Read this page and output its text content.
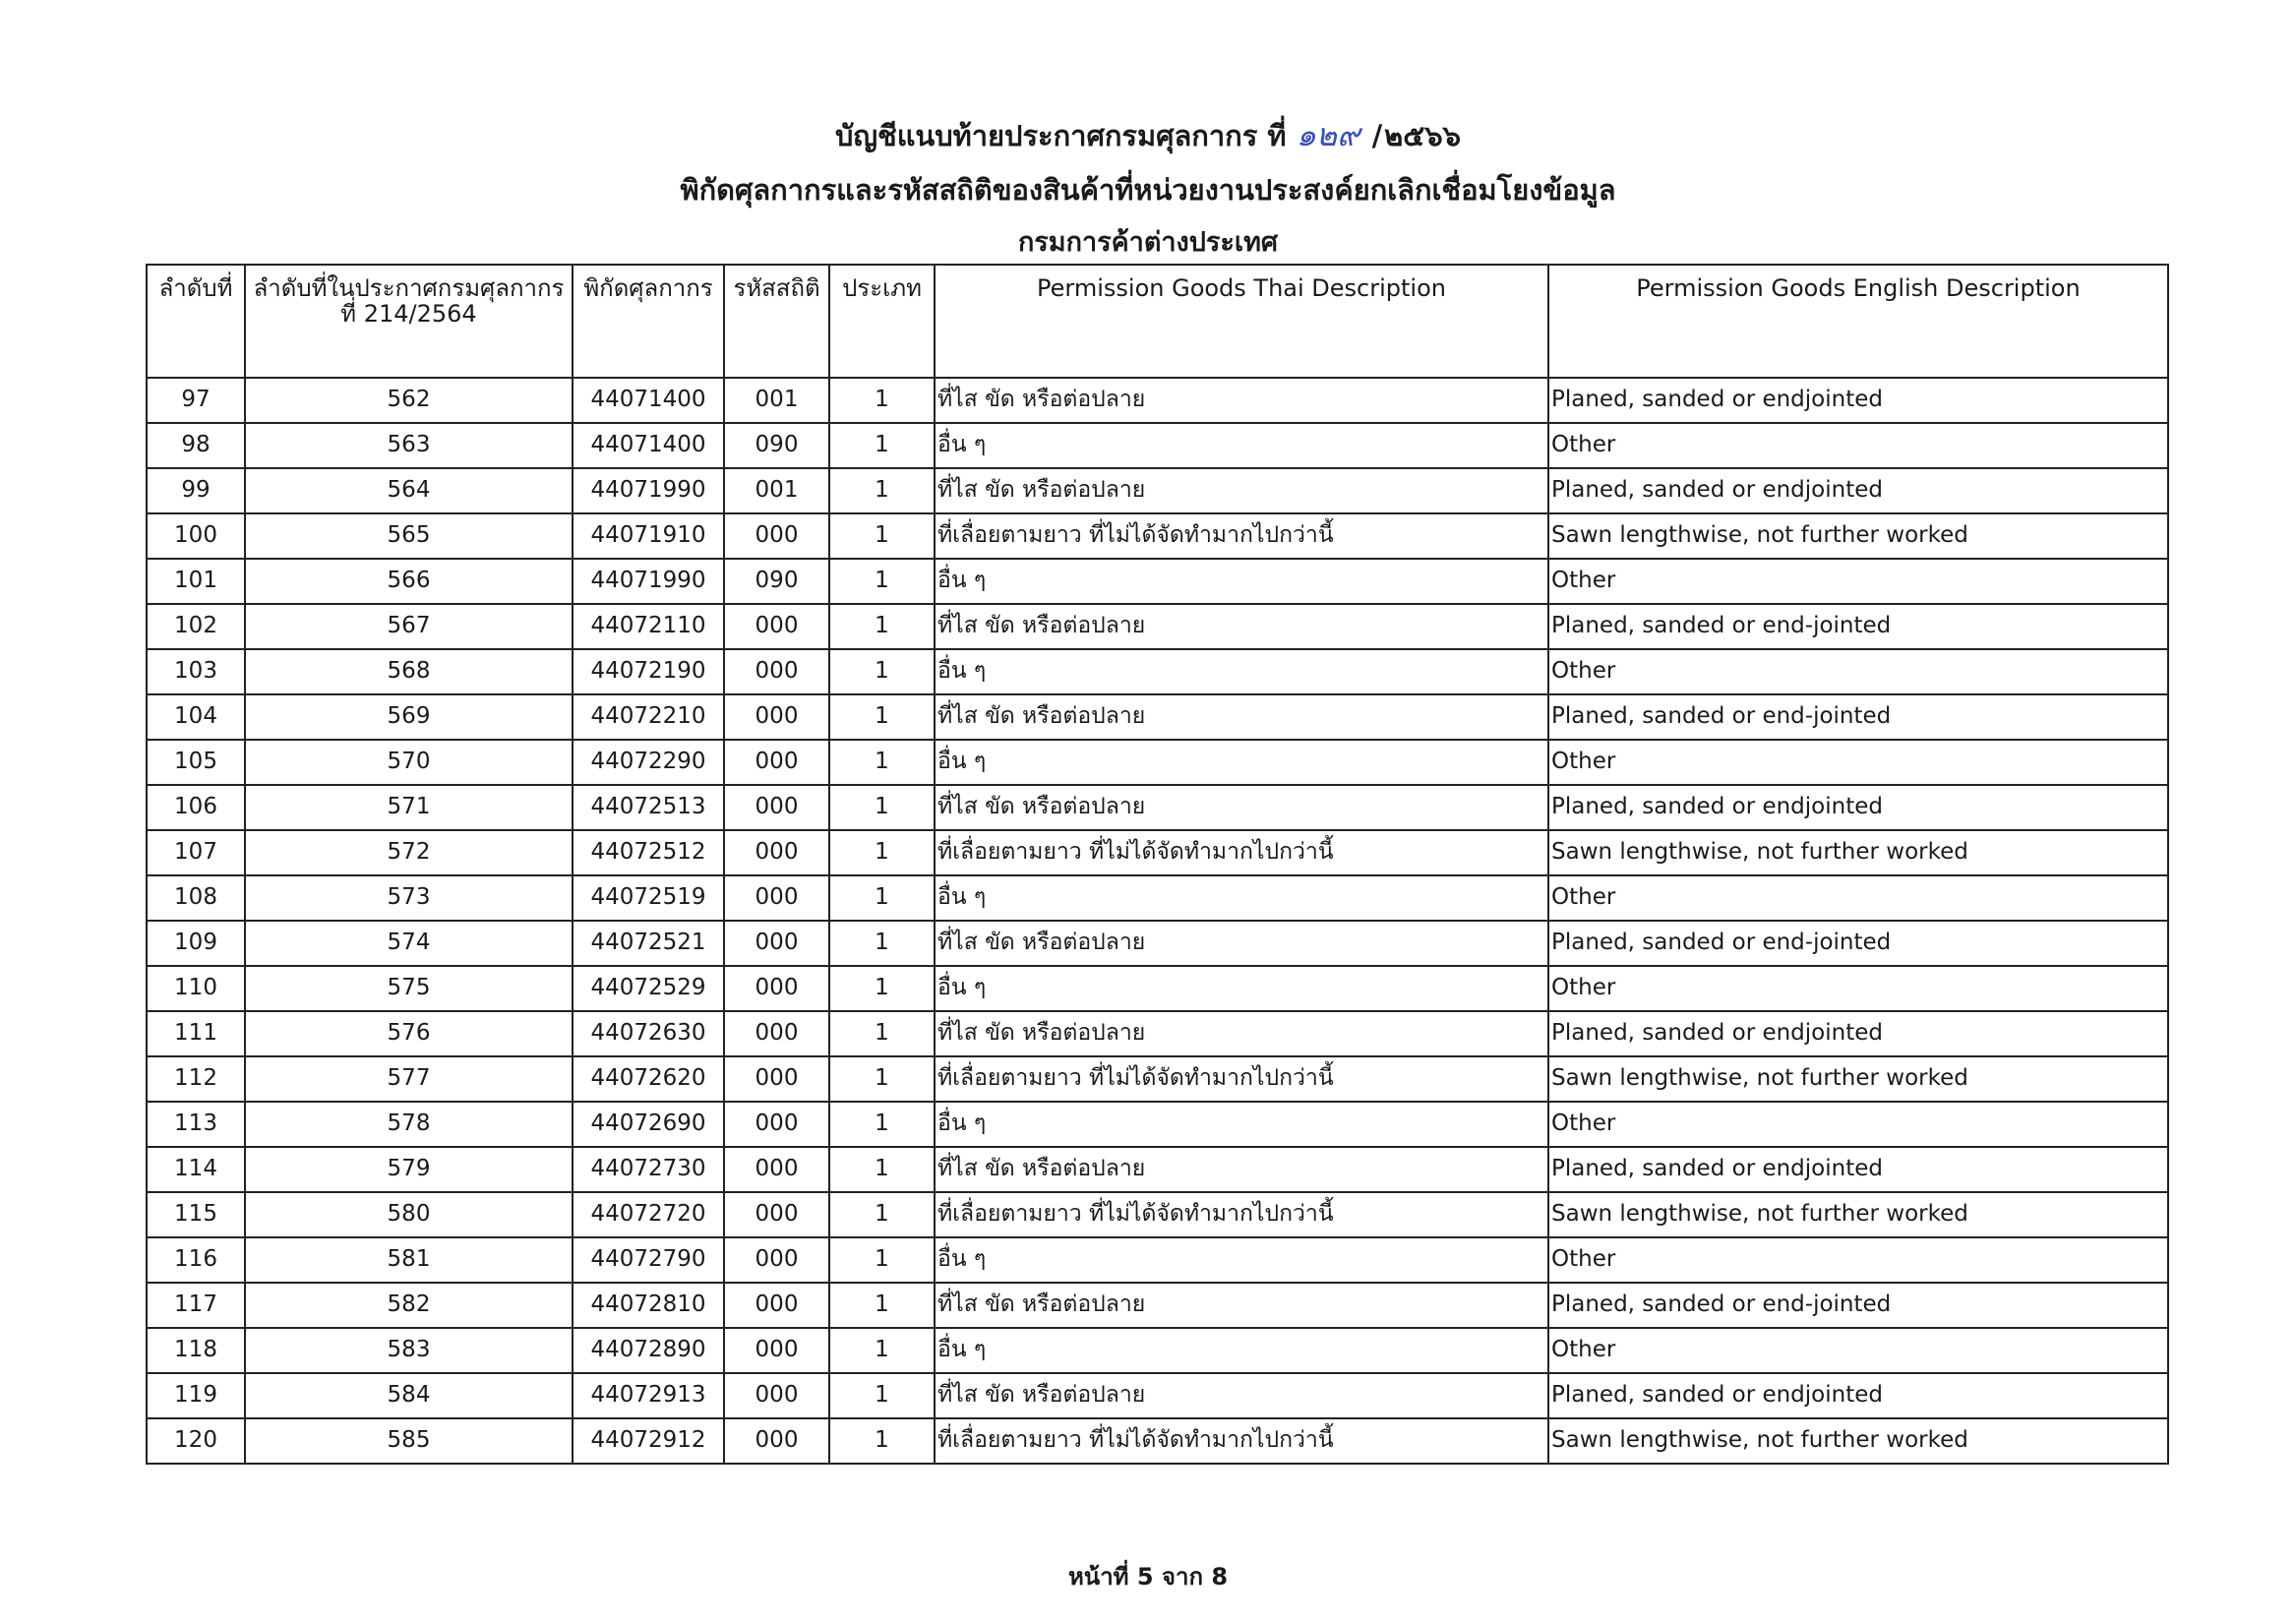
บัญชีแนบท้ายประกาศกรมศุลกากร ที่ ๑๒๙ /๒๕๖๖
พิกัดศุลกากรและรหัสสถิติของสินค้าที่หน่วยงานประสงค์ยกเลิกเชื่อมโยงข้อมูล
กรมการค้าต่างประเทศ
ลำดับที่	ลำดับที่ในประกาศกรมศุลกากร ที่ 214/2564	พิกัดศุลกากร	รหัสสถิติ	ประเภท	Permission Goods Thai Description	Permission Goods English Description
97	562	44071400	001	1	ที่ไส ขัด หรือต่อปลาย	Planed, sanded or endjointed
98	563	44071400	090	1	อื่น ๆ	Other
99	564	44071990	001	1	ที่ไส ขัด หรือต่อปลาย	Planed, sanded or endjointed
100	565	44071910	000	1	ที่เลื่อยตามยาว ที่ไม่ได้จัดทำมากไปกว่านี้	Sawn lengthwise, not further worked
101	566	44071990	090	1	อื่น ๆ	Other
102	567	44072110	000	1	ที่ไส ขัด หรือต่อปลาย	Planed, sanded or end-jointed
103	568	44072190	000	1	อื่น ๆ	Other
104	569	44072210	000	1	ที่ไส ขัด หรือต่อปลาย	Planed, sanded or end-jointed
105	570	44072290	000	1	อื่น ๆ	Other
106	571	44072513	000	1	ที่ไส ขัด หรือต่อปลาย	Planed, sanded or endjointed
107	572	44072512	000	1	ที่เลื่อยตามยาว ที่ไม่ได้จัดทำมากไปกว่านี้	Sawn lengthwise, not further worked
108	573	44072519	000	1	อื่น ๆ	Other
109	574	44072521	000	1	ที่ไส ขัด หรือต่อปลาย	Planed, sanded or end-jointed
110	575	44072529	000	1	อื่น ๆ	Other
111	576	44072630	000	1	ที่ไส ขัด หรือต่อปลาย	Planed, sanded or endjointed
112	577	44072620	000	1	ที่เลื่อยตามยาว ที่ไม่ได้จัดทำมากไปกว่านี้	Sawn lengthwise, not further worked
113	578	44072690	000	1	อื่น ๆ	Other
114	579	44072730	000	1	ที่ไส ขัด หรือต่อปลาย	Planed, sanded or endjointed
115	580	44072720	000	1	ที่เลื่อยตามยาว ที่ไม่ได้จัดทำมากไปกว่านี้	Sawn lengthwise, not further worked
116	581	44072790	000	1	อื่น ๆ	Other
117	582	44072810	000	1	ที่ไส ขัด หรือต่อปลาย	Planed, sanded or end-jointed
118	583	44072890	000	1	อื่น ๆ	Other
119	584	44072913	000	1	ที่ไส ขัด หรือต่อปลาย	Planed, sanded or endjointed
120	585	44072912	000	1	ที่เลื่อยตามยาว ที่ไม่ได้จัดทำมากไปกว่านี้	Sawn lengthwise, not further worked
หน้าที่ 5 จาก 8
